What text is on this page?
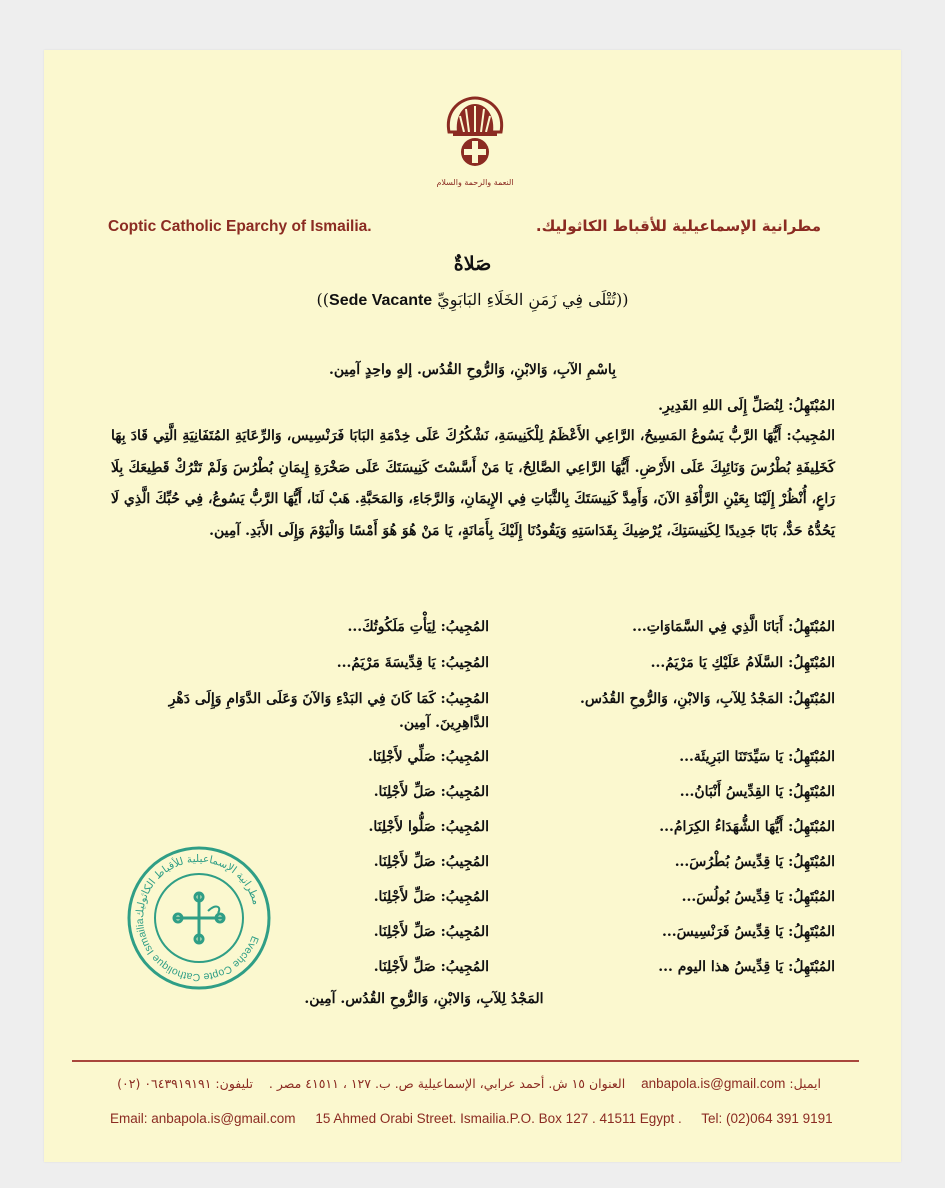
النعمة والرحمة والسلام
Coptic Catholic Eparchy of Ismailia.	مطرانية الإسماعيلية للأقباط الكاثوليك.
صَلاةٌ
((تُتْلَى فِي زَمَنِ الخَلَاءِ البَابَوِيِّ Sede Vacante))
بِاسْمِ الآبِ، وَالابْنِ، وَالرُّوحِ القُدُس. إلهٍ واحِدٍ آمِين.
المُبْتَهِلُ: لِنُصَلِّ إِلَى اللهِ القَدِيرِ.
المُجِيبُ: أَيُّهَا الرَّبُّ يَسُوعُ المَسِيحُ، الرَّاعِي الأَعْظَمُ لِلْكَنِيسَةِ، نَشْكُرُكَ عَلَى خِدْمَةِ البَابَا فَرَنْسِيس، وَالرِّعَايَةِ المُتَفَانِيَةِ الَّتِي قَادَ بِهَا كَخَلِيفَةِ بُطْرُسَ وَنَائِبِكَ عَلَى الأَرْضِ. أَيُّهَا الرَّاعِي الصَّالِحُ، يَا مَنْ أَسَّسْتَ كَنِيسَتَكَ عَلَى صَخْرَةِ إِيمَانِ بُطْرُسَ وَلَمْ تَتْرُكْ قَطِيعَكَ بِلَا رَاعٍ، أُنْظُرْ إِلَيْنَا بِعَيْنِ الرَّأْفَةِ الآنَ، وَأَمِدَّ كَنِيسَتَكَ بِالثَّبَاتِ فِي الإِيمَانِ، وَالرَّجَاءِ، وَالمَحَبَّةِ. هَبْ لَنَا، أَيُّهَا الرَّبُّ يَسُوعُ، فِي حُبِّكَ الَّذِي لَا يَحُدُّهُ حَدٌّ، بَابًا جَدِيدًا لِكَنِيسَتِكَ، يُرْضِيكَ بِقَدَاسَتِهِ وَيَقُودُنَا إِلَيْكَ بِأَمَانَةٍ، يَا مَنْ هُوَ هُوَ أَمْسًا وَالْيَوْمَ وَإِلَى الأَبَدِ. آمِين.
المُبْتَهِلُ: أَبَانَا الَّذِي فِي السَّمَاوَاتِ...
المُجِيبُ: لِيَأْتِ مَلَكُوتُكَ...
المُبْتَهِلُ: السَّلَامُ عَلَيْكِ يَا مَرْيَمُ...
المُجِيبُ: يَا قِدِّيسَةَ مَرْيَمُ...
المُبْتَهِلُ: المَجْدُ لِلآبِ، وَالابْنِ، وَالرُّوحِ القُدُس.
المُجِيبُ: كَمَا كَانَ فِي البَدْءِ وَالآنَ وَعَلَى الدَّوَامِ وَإِلَى دَهْرِ الدَّاهِرِينَ. آمِين.
المُبْتَهِلُ: يَا سَيِّدَتَنَا البَرِيئَة...
المُجِيبُ: صَلِّي لأَجْلِنَا.
المُبْتَهِلُ: يَا القِدِّيسُ أَنْبَانُ...
المُجِيبُ: صَلِّ لأَجْلِنَا.
المُبْتَهِلُ: أَيُّهَا الشُّهَدَاءُ الكِرَامُ...
المُجِيبُ: صَلُّوا لأَجْلِنَا.
المُبْتَهِلُ: يَا قِدِّيسُ بُطْرُسَ...
المُجِيبُ: صَلِّ لأَجْلِنَا.
المُبْتَهِلُ: يَا قِدِّيسُ بُولُسَ...
المُجِيبُ: صَلِّ لأَجْلِنَا.
المُبْتَهِلُ: يَا قِدِّيسُ فَرَنْسِيسَ...
المُجِيبُ: صَلِّ لأَجْلِنَا.
المُبْتَهِلُ: يَا قِدِّيسُ هذا اليوم ...
المُجِيبُ: صَلِّ لأَجْلِنَا.
المَجْدُ لِلآبِ، وَالابْنِ، وَالرُّوحِ القُدُس. آمِين.
مطرانية الإسماعيلية للأقباط الكاثوليك
Eveche Copte Catholique Ismailia
ايميل: anbapola.is@gmail.com    العنوان ١٥ ش. أحمد عرابي، الإسماعيلية ص. ب. ١٢٧ ، ٤١٥١١ مصر .    تليفون: ٠٦٤٣٩١٩١٩١ (٠٢)
Email: anbapola.is@gmail.com 15 Ahmed Orabi Street. Ismailia.P.O. Box 127 . 41511 Egypt . Tel: (02)064 391 9191
